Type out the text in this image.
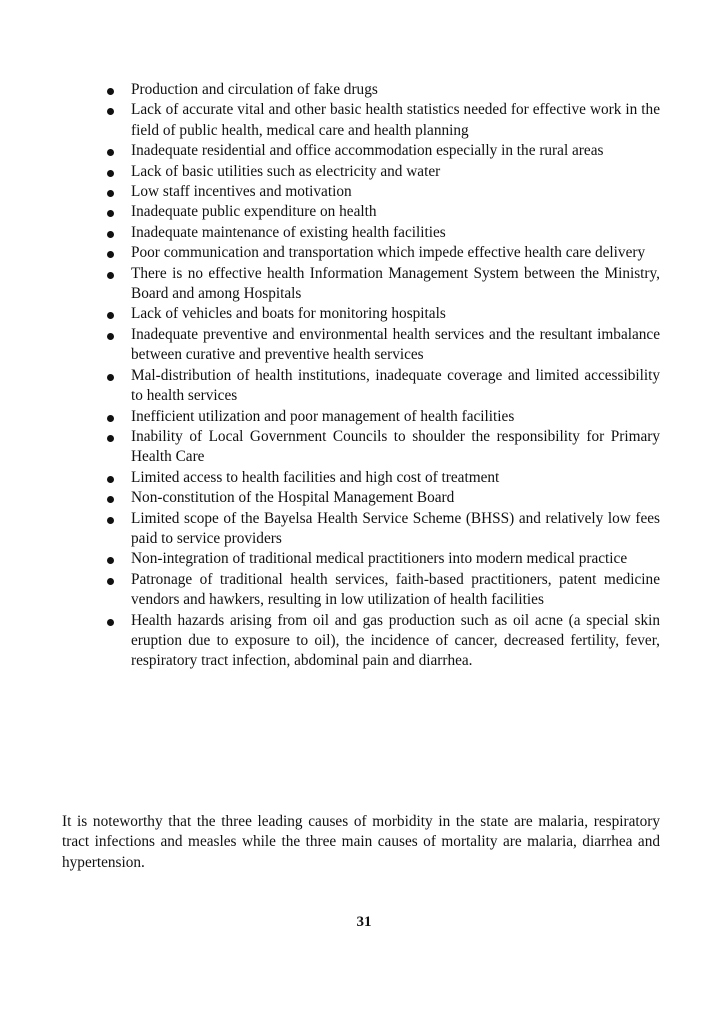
Production and circulation of fake drugs
Lack of accurate vital and other basic health statistics needed for effective work in the field of public health, medical care and health planning
Inadequate residential and office accommodation especially in the rural areas
Lack of basic utilities such as electricity and water
Low staff incentives and motivation
Inadequate public expenditure on health
Inadequate maintenance of existing health facilities
Poor communication and transportation which impede effective health care delivery
There is no effective health Information Management System between the Ministry, Board and among Hospitals
Lack of vehicles and boats for monitoring hospitals
Inadequate preventive and environmental health services and the resultant imbalance between curative and preventive health services
Mal-distribution of health institutions, inadequate coverage and limited accessibility to health services
Inefficient utilization and poor management of health facilities
Inability of Local Government Councils to shoulder the responsibility for Primary Health Care
Limited access to health facilities and high cost of treatment
Non-constitution of the Hospital Management Board
Limited scope of the Bayelsa Health Service Scheme (BHSS) and relatively low fees paid to service providers
Non-integration of traditional medical practitioners into modern medical practice
Patronage of traditional health services, faith-based practitioners, patent medicine vendors and hawkers, resulting in low utilization of health facilities
Health hazards arising from oil and gas production such as oil acne (a special skin eruption due to exposure to oil), the incidence of cancer, decreased fertility, fever, respiratory tract infection, abdominal pain and diarrhea.

It is noteworthy that the three leading causes of morbidity in the state are malaria, respiratory tract infections and measles while the three main causes of mortality are malaria, diarrhea and hypertension.

31
